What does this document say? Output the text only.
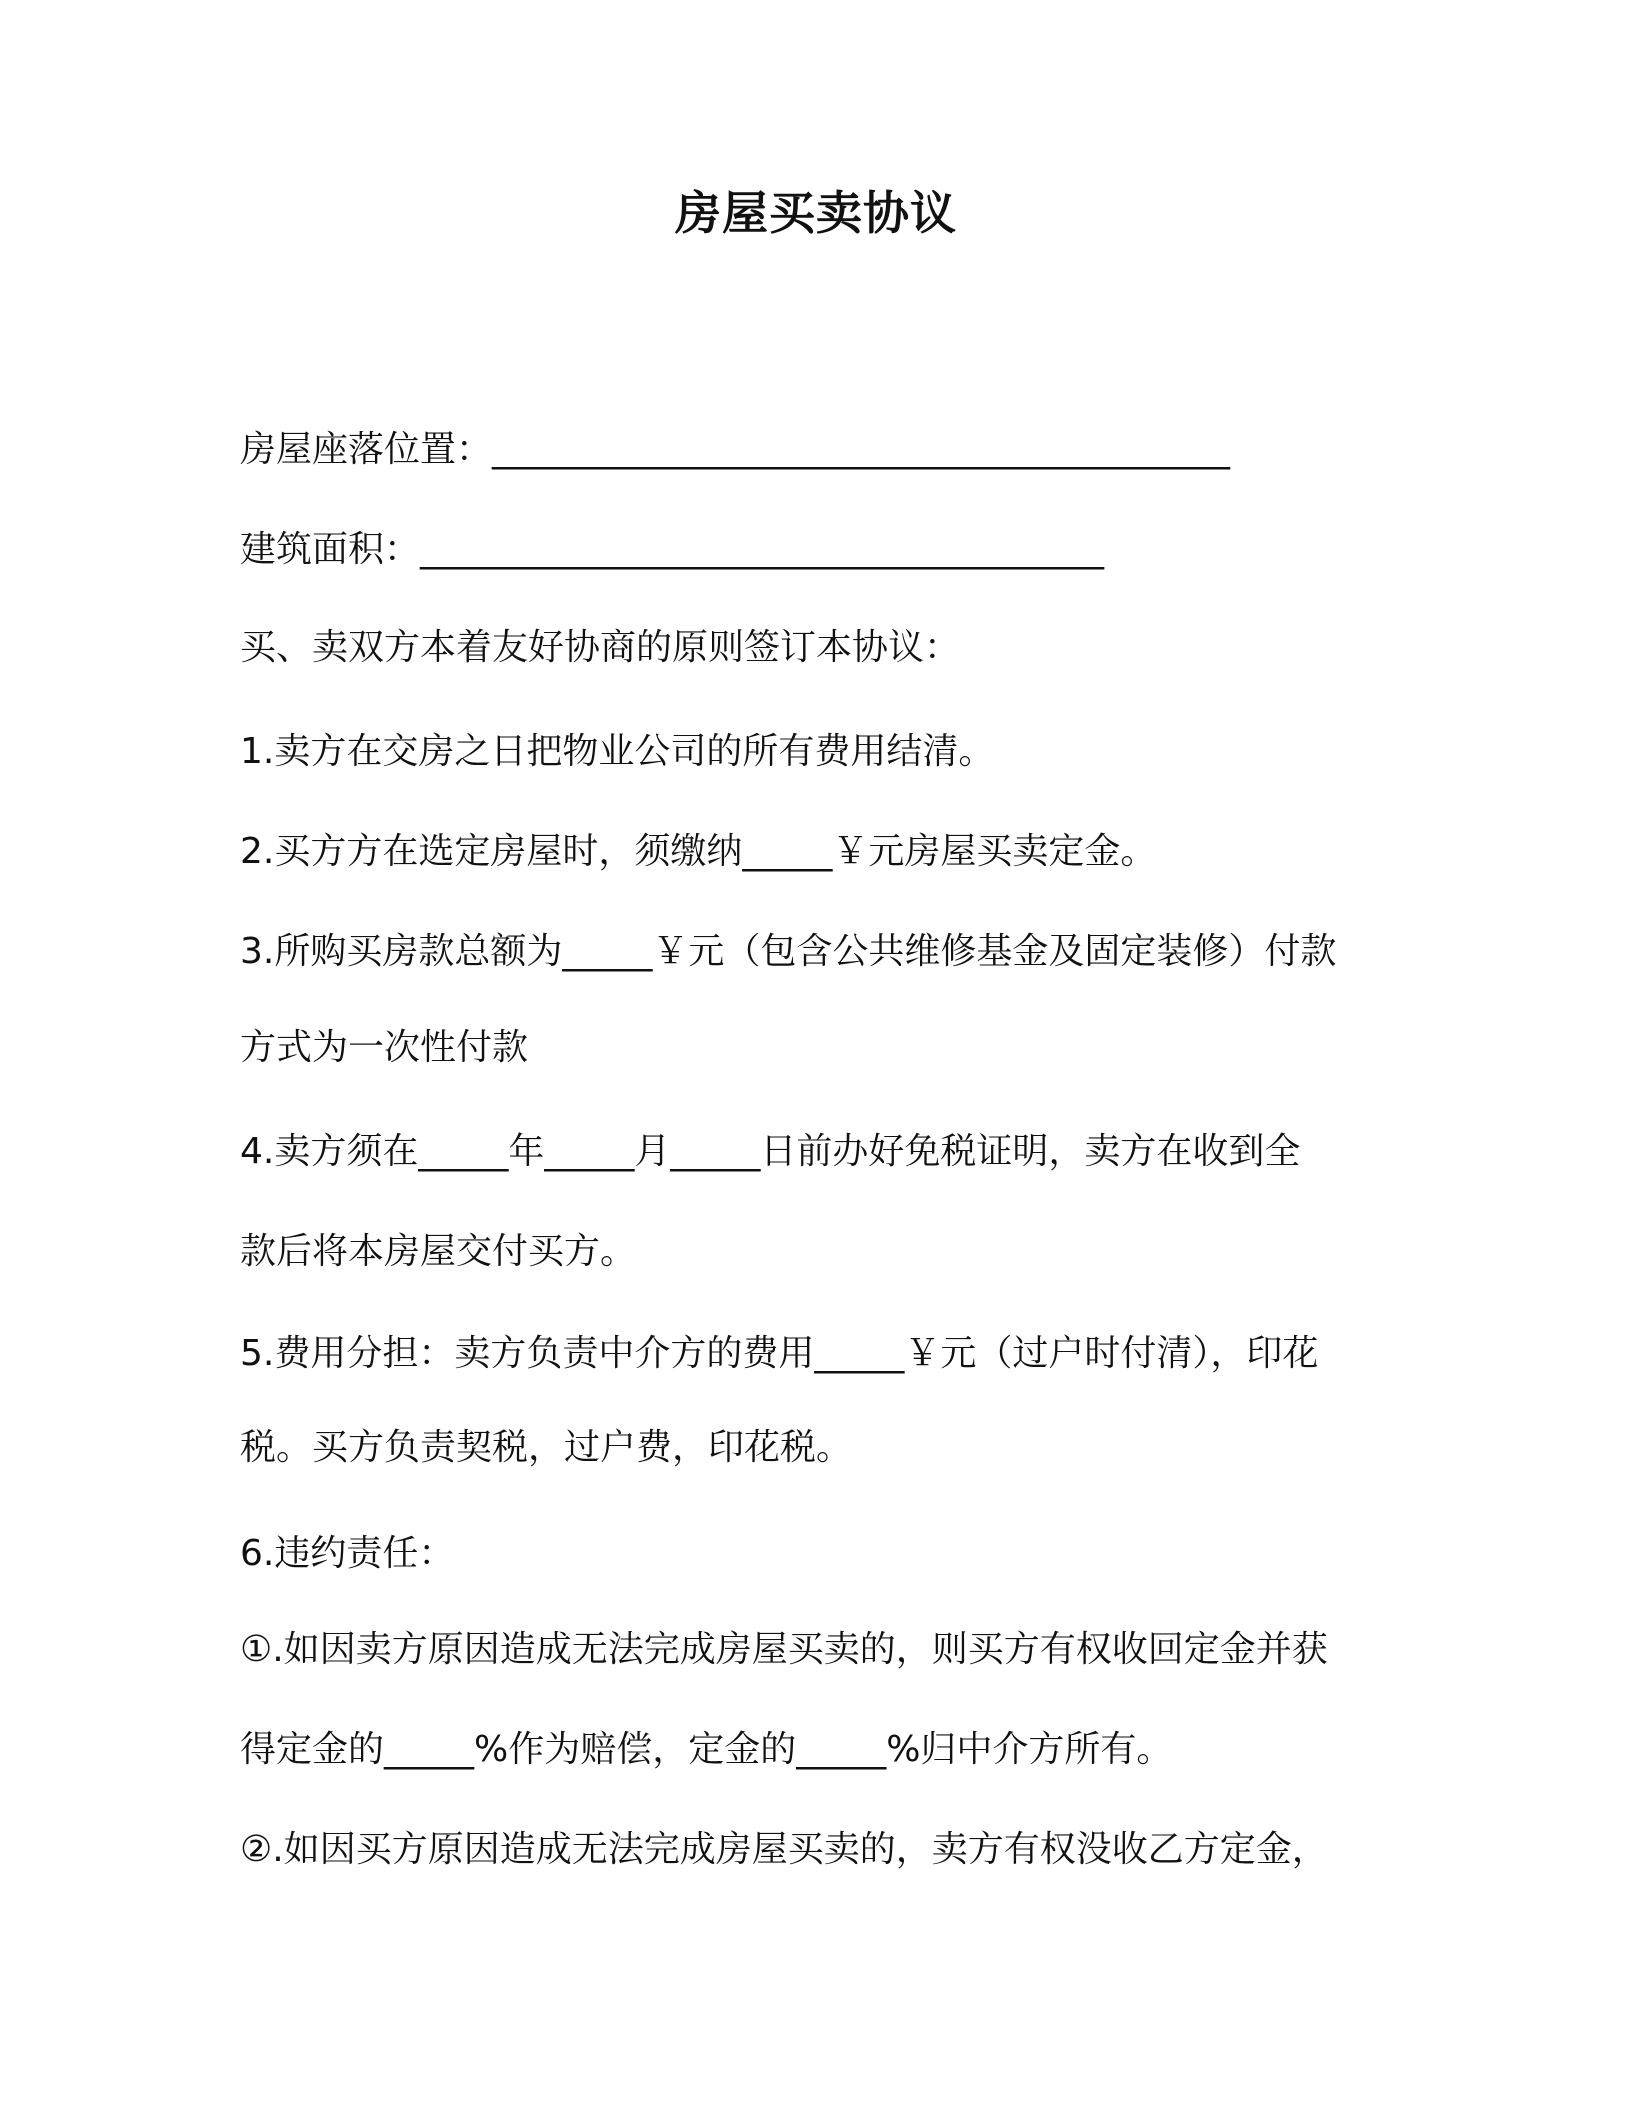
房屋买卖协议
房屋座落位置：_________________________________________
建筑面积：______________________________________
买、卖双方本着友好协商的原则签订本协议：
1.卖方在交房之日把物业公司的所有费用结清。
2.买方方在选定房屋时，须缴纳_____￥元房屋买卖定金。
3.所购买房款总额为_____￥元（包含公共维修基金及固定装修）付款
方式为一次性付款
4.卖方须在_____年_____月_____日前办好免税证明，卖方在收到全
款后将本房屋交付买方。
5.费用分担：卖方负责中介方的费用_____￥元（过户时付清），印花
税。买方负责契税，过户费，印花税。
6.违约责任：
①.如因卖方原因造成无法完成房屋买卖的，则买方有权收回定金并获
得定金的_____%作为赔偿，定金的_____%归中介方所有。
②.如因买方原因造成无法完成房屋买卖的，卖方有权没收乙方定金，
